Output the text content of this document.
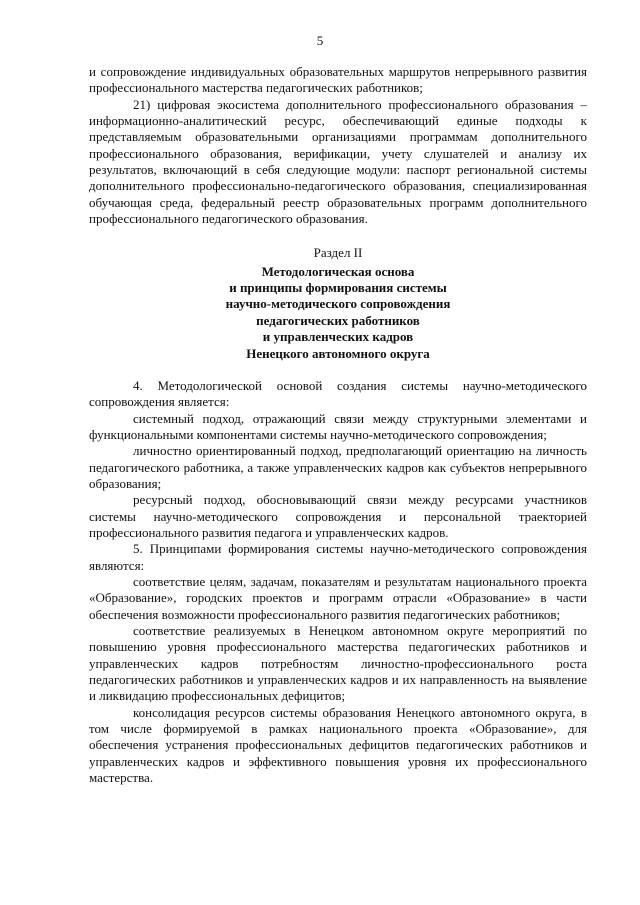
5

и сопровождение индивидуальных образовательных маршрутов непрерывного развития профессионального мастерства педагогических работников;

21) цифровая экосистема дополнительного профессионального образования – информационно-аналитический ресурс, обеспечивающий единые подходы к представляемым образовательными организациями программам дополнительного профессионального образования, верификации, учету слушателей и анализу их результатов, включающий в себя следующие модули: паспорт региональной системы дополнительного профессионально-педагогического образования, специализированная обучающая среда, федеральный реестр образовательных программ дополнительного профессионального педагогического образования.

Раздел II

Методологическая основа

и принципы формирования системы

научно-методического сопровождения

педагогических работников

и управленческих кадров

Ненецкого автономного округа

4. Методологической основой создания системы научно-методического сопровождения является:

системный подход, отражающий связи между структурными элементами и функциональными компонентами системы научно-методического сопровождения;

личностно ориентированный подход, предполагающий ориентацию на личность педагогического работника, а также управленческих кадров как субъектов непрерывного образования;

ресурсный подход, обосновывающий связи между ресурсами участников системы научно-методического сопровождения и персональной траекторией профессионального развития педагога и управленческих кадров.

5. Принципами формирования системы научно-методического сопровождения являются:

соответствие целям, задачам, показателям и результатам национального проекта «Образование», городских проектов и программ отрасли «Образование» в части обеспечения возможности профессионального развития педагогических работников;

соответствие реализуемых в Ненецком автономном округе мероприятий по повышению уровня профессионального мастерства педагогических работников и управленческих кадров потребностям личностно-профессионального роста педагогических работников и управленческих кадров и их направленность на выявление и ликвидацию профессиональных дефицитов;

консолидация ресурсов системы образования Ненецкого автономного округа, в том числе формируемой в рамках национального проекта «Образование», для обеспечения устранения профессиональных дефицитов педагогических работников и управленческих кадров и эффективного повышения уровня их профессионального мастерства.
